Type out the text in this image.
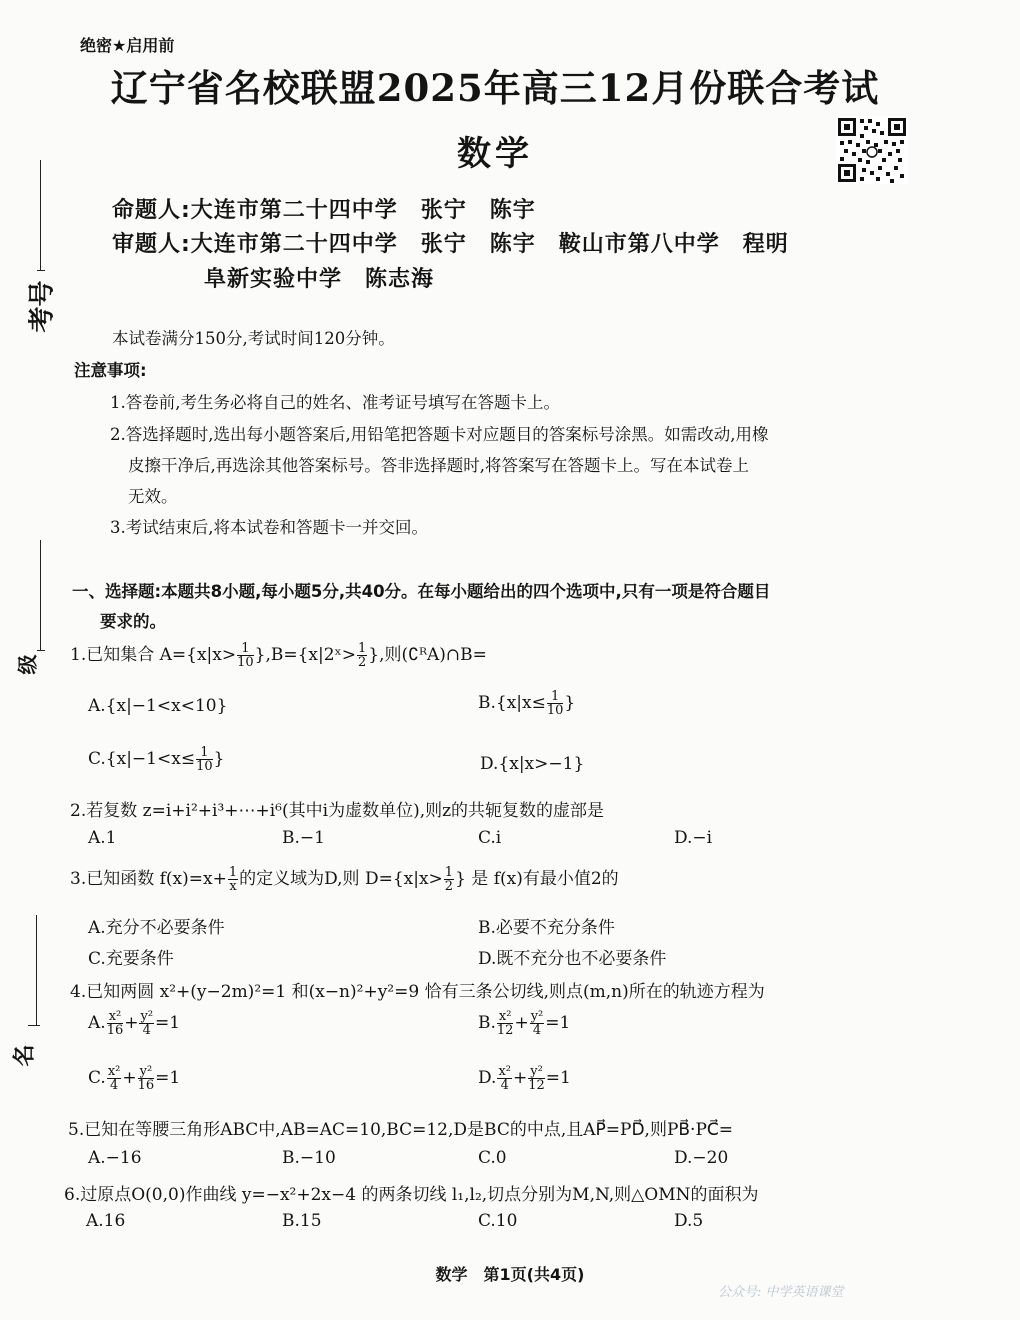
绝密★启用前
辽宁省名校联盟2025年高三12月份联合考试
数学
命题人:大连市第二十四中学　张宁　陈宇
审题人:大连市第二十四中学　张宁　陈宇　鞍山市第八中学　程明
阜新实验中学　陈志海
考号
级
名
本试卷满分150分,考试时间120分钟。
注意事项:
1.答卷前,考生务必将自己的姓名、准考证号填写在答题卡上。
2.答选择题时,选出每小题答案后,用铅笔把答题卡对应题目的答案标号涂黑。如需改动,用橡
皮擦干净后,再选涂其他答案标号。答非选择题时,将答案写在答题卡上。写在本试卷上
无效。
3.考试结束后,将本试卷和答题卡一并交回。
一、选择题:本题共8小题,每小题5分,共40分。在每小题给出的四个选项中,只有一项是符合题目
要求的。
1.已知集合 $A=\{x|x> \frac{1}{10}$ },B={x|2ˣ> $\frac{1}{2}$ },则(∁ᴿA)∩B=
A.{x|−1<x<10}	$B.\{x|x\le \frac{1}{10}$ }
$C.\{x|-1<x\le \frac{1}{10}$ }	D.{x|x>−1}
2.若复数 z=i+i²+i³+⋯+i⁶(其中i为虚数单位),则z的共轭复数的虚部是
A.1	B.−1	C.i	D.−i
3.已知函数 $f(x)=x+ \frac{1}{x}$ 的定义域为D,则 $D=\{x|x> \frac{1}{2}$ } 是 f(x)有最小值2的
A.充分不必要条件	B.必要不充分条件
C.充要条件	D.既不充分也不必要条件
4.已知两圆 x²+(y−2m)²=1 和(x−n)²+y²=9 恰有三条公切线,则点(m,n)所在的轨迹方程为
A. $\frac{\text{x²}}{16} + \frac{\text{y²}}{4} =1$	B. $\frac{\text{x²}}{12} + \frac{\text{y²}}{4} =1$
C. $\frac{\text{x²}}{4} + \frac{\text{y²}}{16} =1$	D. $\frac{\text{x²}}{4} + \frac{\text{y²}}{12} =1$
5.已知在等腰三角形ABC中,AB=AC=10,BC=12,D是BC的中点,且AP⃗=PD⃗,则PB⃗·PC⃗=
A.−16	B.−10	C.0	D.−20
6.过原点O(0,0)作曲线 y=−x²+2x−4 的两条切线 l₁,l₂,切点分别为M,N,则△OMN的面积为
A.16	B.15	C.10	D.5
数学　第1页(共4页)
公众号: 中学英语课堂
